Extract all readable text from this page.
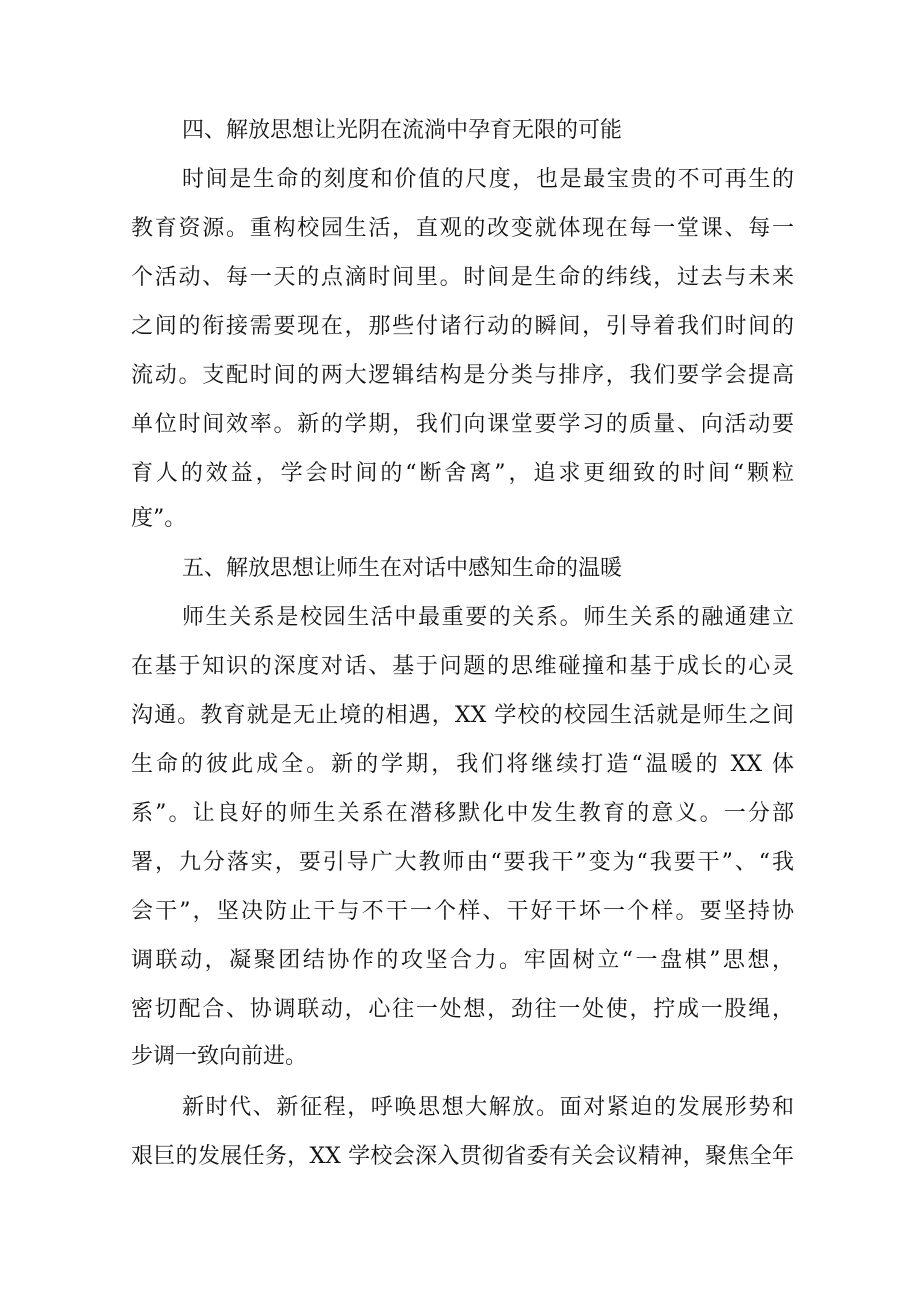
四、解放思想让光阴在流淌中孕育无限的可能
时间是生命的刻度和价值的尺度，也是最宝贵的不可再生的
教育资源。重构校园生活，直观的改变就体现在每一堂课、每一
个活动、每一天的点滴时间里。时间是生命的纬线，过去与未来
之间的衔接需要现在，那些付诸行动的瞬间，引导着我们时间的
流动。支配时间的两大逻辑结构是分类与排序，我们要学会提高
单位时间效率。新的学期，我们向课堂要学习的质量、向活动要
育人的效益，学会时间的“断舍离”，追求更细致的时间“颗粒
度”。
五、解放思想让师生在对话中感知生命的温暖
师生关系是校园生活中最重要的关系。师生关系的融通建立
在基于知识的深度对话、基于问题的思维碰撞和基于成长的心灵
沟通。教育就是无止境的相遇，XX 学校的校园生活就是师生之间
生命的彼此成全。新的学期，我们将继续打造“温暖的 XX 体
系”。让良好的师生关系在潜移默化中发生教育的意义。一分部
署，九分落实，要引导广大教师由“要我干”变为“我要干”、“我
会干”，坚决防止干与不干一个样、干好干坏一个样。要坚持协
调联动，凝聚团结协作的攻坚合力。牢固树立“一盘棋”思想，
密切配合、协调联动，心往一处想，劲往一处使，拧成一股绳，
步调一致向前进。
新时代、新征程，呼唤思想大解放。面对紧迫的发展形势和
艰巨的发展任务，XX 学校会深入贯彻省委有关会议精神，聚焦全年
